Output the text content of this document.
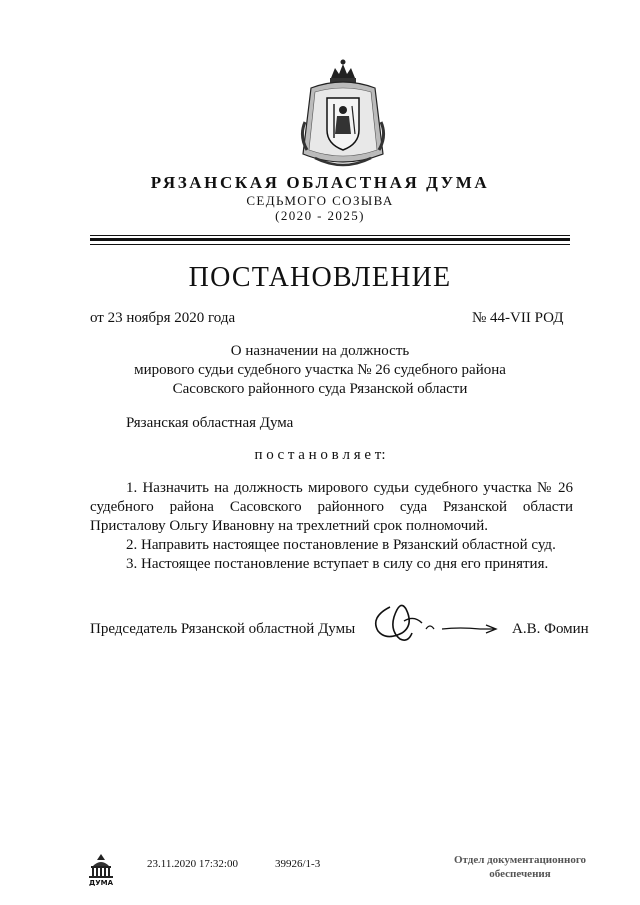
РЯЗАНСКАЯ ОБЛАСТНАЯ ДУМА
СЕДЬМОГО СОЗЫВА
(2020 - 2025)
ПОСТАНОВЛЕНИЕ
от 23 ноября 2020 года	№ 44-VII РОД
О назначении на должность
мирового судьи судебного участка № 26 судебного района
Сасовского районного суда Рязанской области
Рязанская областная Дума
п о с т а н о в л я е т:

1. Назначить на должность мирового судьи судебного участка № 26 судебного района Сасовского районного суда Рязанской области Присталову Ольгу Ивановну на трехлетний срок полномочий.

2. Направить настоящее постановление в Рязанский областной суд.

3. Настоящее постановление вступает в силу со дня его принятия.

Председатель Рязанской областной Думы	А.В. Фомин
ДУМА
23.11.2020 17:32:00	39926/1-3	Отдел документационного
обеспечения
